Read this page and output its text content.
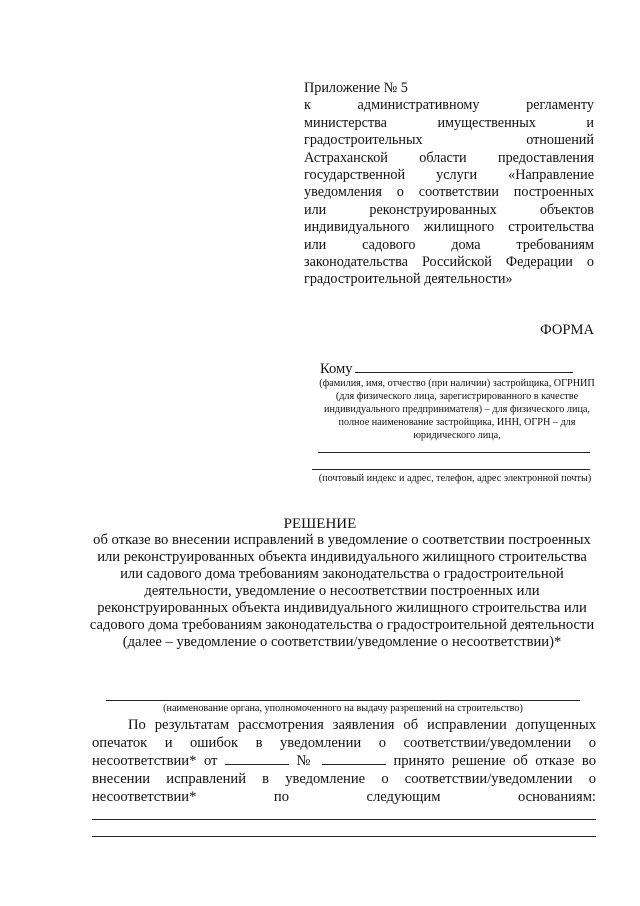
Приложение № 5
к административному регламенту
министерства имущественных и
градостроительных отношений
Астраханской области предоставления
государственной услуги «Направление
уведомления о соответствии построенных
или реконструированных объектов
индивидуального жилищного строительства
или садового дома требованиям
законодательства Российской Федерации о
градостроительной деятельности»
ФОРМА
Кому
(фамилия, имя, отчество (при наличии) застройщика, ОГРНИП (для физического лица, зарегистрированного в качестве индивидуального предпринимателя) – для физического лица, полное наименование застройщика, ИНН, ОГРН – для юридического лица,
(почтовый индекс и адрес, телефон, адрес электронной почты)
РЕШЕНИЕ
об отказе во внесении исправлений в уведомление о соответствии построенных или реконструированных объекта индивидуального жилищного строительства или садового дома требованиям законодательства о градостроительной деятельности, уведомление о несоответствии построенных или реконструированных объекта индивидуального жилищного строительства или садового дома требованиям законодательства о градостроительной деятельности (далее – уведомление о соответствии/уведомление о несоответствии)*
(наименование органа, уполномоченного на выдачу разрешений на строительство)
По результатам рассмотрения заявления об исправлении допущенных
опечаток и ошибок в уведомлении о соответствии/уведомлении о
несоответствии* от	№	принято решение об отказе во
внесении исправлений в уведомление о соответствии/уведомлении о
несоответствии* по следующим основаниям:
